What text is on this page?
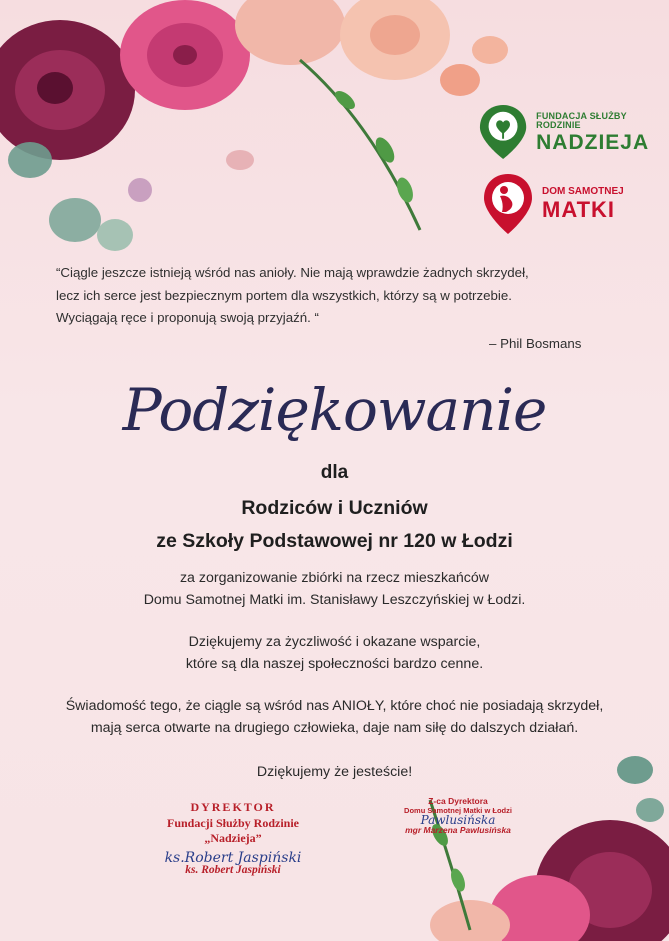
FUNDACJA SŁUŻBY RODZINIE
NADZIEJA
DOM SAMOTNEJ
MATKI
“Ciągle jeszcze istnieją wśród nas anioły. Nie mają wprawdzie żadnych skrzydeł,
lecz ich serce jest bezpiecznym portem dla wszystkich, którzy są w potrzebie.
Wyciągają ręce i proponują swoją przyjaźń. “
– Phil Bosmans
Podziękowanie
dla
Rodziców i Uczniów
ze Szkoły Podstawowej nr 120 w Łodzi
za zorganizowanie zbiórki na rzecz mieszkańców
Domu Samotnej Matki im. Stanisławy Leszczyńskiej w Łodzi.
Dziękujemy za życzliwość i okazane wsparcie,
które są dla naszej społeczności bardzo cenne.
Świadomość tego, że ciągle są wśród nas ANIOŁY, które choć nie posiadają skrzydeł,
mają serca otwarte na drugiego człowieka, daje nam siłę do dalszych działań.
Dziękujemy że jesteście!
DYREKTOR
Fundacji Służby Rodzinie
„Nadzieja”
ks.Robert Jaspiński
ks. Robert Jaspiński
Z-ca Dyrektora
Domu Samotnej Matki w Łodzi
Pawlusińska
mgr Marzena Pawlusińska
